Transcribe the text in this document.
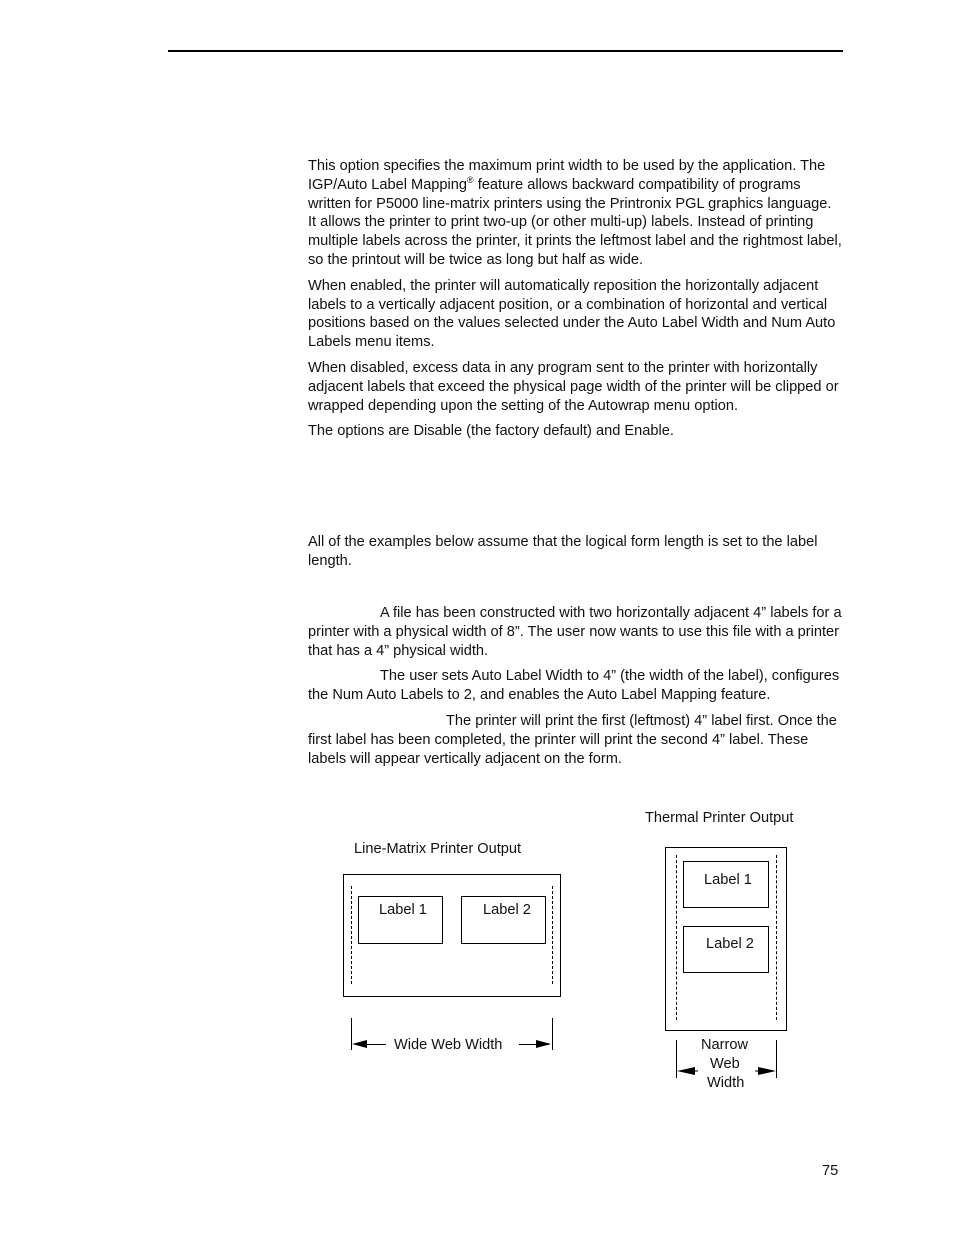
This option specifies the maximum print width to be used by the application. The IGP/Auto Label Mapping® feature allows backward compatibility of programs written for P5000 line-matrix printers using the Printronix PGL graphics language. It allows the printer to print two-up (or other multi-up) labels. Instead of printing multiple labels across the printer, it prints the leftmost label and the rightmost label, so the printout will be twice as long but half as wide.

When enabled, the printer will automatically reposition the horizontally adjacent labels to a vertically adjacent position, or a combination of horizontal and vertical positions based on the values selected under the Auto Label Width and Num Auto Labels menu items.

When disabled, excess data in any program sent to the printer with horizontally adjacent labels that exceed the physical page width of the printer will be clipped or wrapped depending upon the setting of the Autowrap menu option.

The options are Disable (the factory default) and Enable.

All of the examples below assume that the logical form length is set to the label length.

A file has been constructed with two horizontally adjacent 4” labels for a printer with a physical width of 8”. The user now wants to use this file with a printer that has a 4” physical width.

The user sets Auto Label Width to 4” (the width of the label), configures the Num Auto Labels to 2, and enables the Auto Label Mapping feature.

The printer will print the first (leftmost) 4” label first. Once the first label has been completed, the printer will print the second 4” label. These labels will appear vertically adjacent on the form.

Thermal Printer Output
Line-Matrix Printer Output
Label 1	Label 2
Wide Web Width
Label 1
Label 2
Narrow
Web
Width
75
